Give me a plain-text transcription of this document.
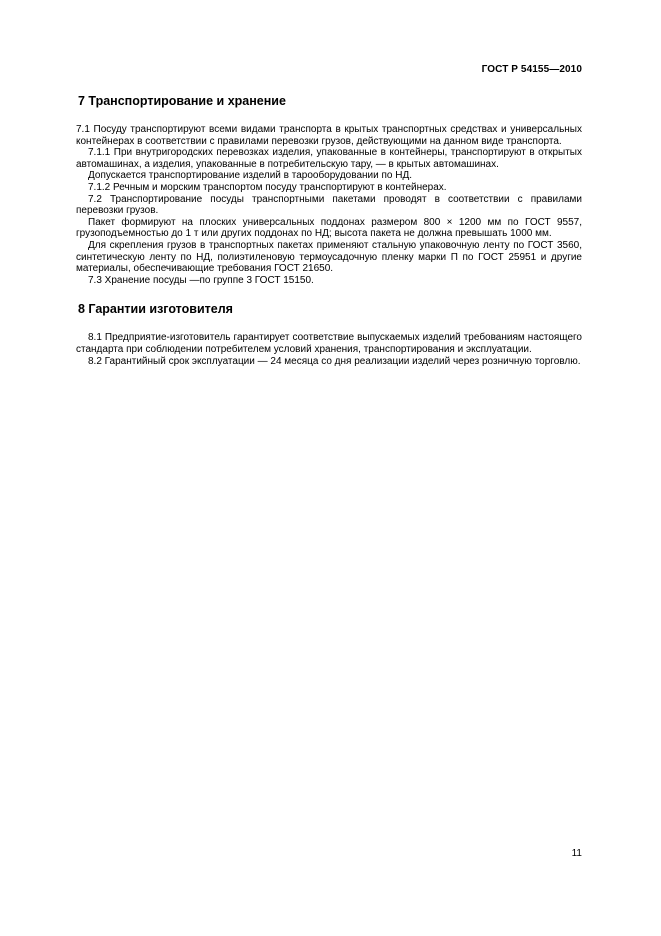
ГОСТ Р 54155—2010
7 Транспортирование и хранение

7.1 Посуду транспортируют всеми видами транспорта в крытых транспортных средствах и универсальных контейнерах в соответствии с правилами перевозки грузов, действующими на данном виде транспорта.

7.1.1 При внутригородских перевозках изделия, упакованные в контейнеры, транспортируют в открытых автомашинах, а изделия, упакованные в потребительскую тару, — в крытых автомашинах.

Допускается транспортирование изделий в тарооборудовании по НД.

7.1.2 Речным и морским транспортом посуду транспортируют в контейнерах.

7.2 Транспортирование посуды транспортными пакетами проводят в соответствии с правилами перевозки грузов.

Пакет формируют на плоских универсальных поддонах размером 800 × 1200 мм по ГОСТ 9557, грузоподъемностью до 1 т или других поддонах по НД; высота пакета не должна превышать 1000 мм.

Для скрепления грузов в транспортных пакетах применяют стальную упаковочную ленту по ГОСТ 3560, синтетическую ленту по НД, полиэтиленовую термоусадочную пленку марки П по ГОСТ 25951 и другие материалы, обеспечивающие требования ГОСТ 21650.

7.3 Хранение посуды —по группе 3 ГОСТ 15150.

8 Гарантии изготовителя

8.1 Предприятие-изготовитель гарантирует соответствие выпускаемых изделий требованиям настоящего стандарта при соблюдении потребителем условий хранения, транспортирования и эксплуатации.

8.2 Гарантийный срок эксплуатации — 24 месяца со дня реализации изделий через розничную торговлю.

11
